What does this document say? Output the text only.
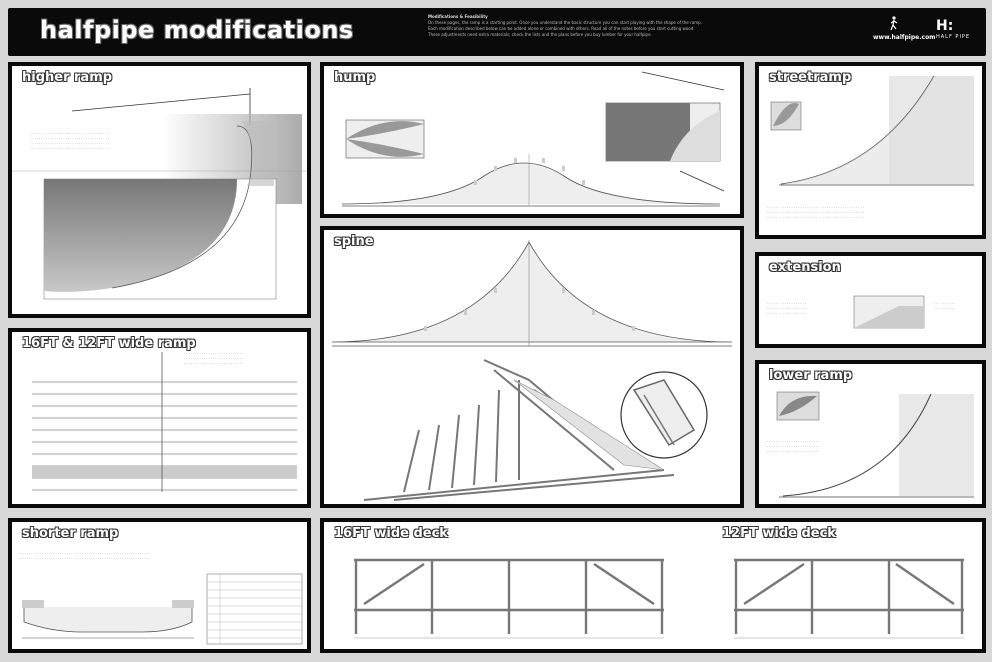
halfpipe modifications	Modifications & Feasibility
On these pages, the ramp is a starting point. Once you understand the basic structure you can start playing with the shape of the ramp.
Each modification described below can be added alone or combined with others. Read all of the notes before you start cutting wood.
These adjustments need extra materials; check the lists and the plans before you buy lumber for your halfpipe.	www.halfpipe.com
H:
HALF PIPE
higher ramp
. . . . . . . . . . . . . . . . . . . . . . . . . . . . . . . . . . . .
. . . . . . . . . . . . . . . . . . . . . . . . . . . . . . . . . . . .
. . . . . . . . . . . . . . . . . . . . . . . . . . . . . . . . . . . .
. . . . . . . . . . . . . . . . . . . . . . . . . . . . . . . . . . . .
hump	streetramp
. . . . . . . . . . . . . . . . . . . . . . . . . . . . . . . . . . . . . . . . . . . .
. . . . . . . . . . . . . . . . . . . . . . . . . . . . . . . . . . . . . . . . . . . .
. . . . . . . . . . . . . . . . . . . . . . . . . . . . . . . . . . . . . . . . . . . .
spine
extension
. . . . . . . . . . . . . . . . . .
. . . . . . . . . . . . . . . . . .
. . . . . . . . . . . . . . . . . .
. . . . . . . . . .
. . . . . . . . . .
16FT & 12FT wide ramp
. . . . . . . . . . . . . . . . . . . . . . . . . . .
. . . . . . . . . . . . . . . . . . . . . . . . . . .
. . . . . . . . . . . . . . . . . . . . . . . . . . .
lower ramp
. . . . . . . . . . . . . . . . . . . . . . . .
. . . . . . . . . . . . . . . . . . . . . . . .
. . . . . . . . . . . . . . . . . . . . . . . .
shorter ramp
. . . . . . . . . . . . . . . . . . . . . . . . . . . . . . . . . . . . . . . . . . . . . . . . . . . . . . . . . .
. . . . . . . . . . . . . . . . . . . . . . . . . . . . . . . . . . . . . . . . . . . . . . . . . . . . . . . . . .
16FT wide deck	12FT wide deck
